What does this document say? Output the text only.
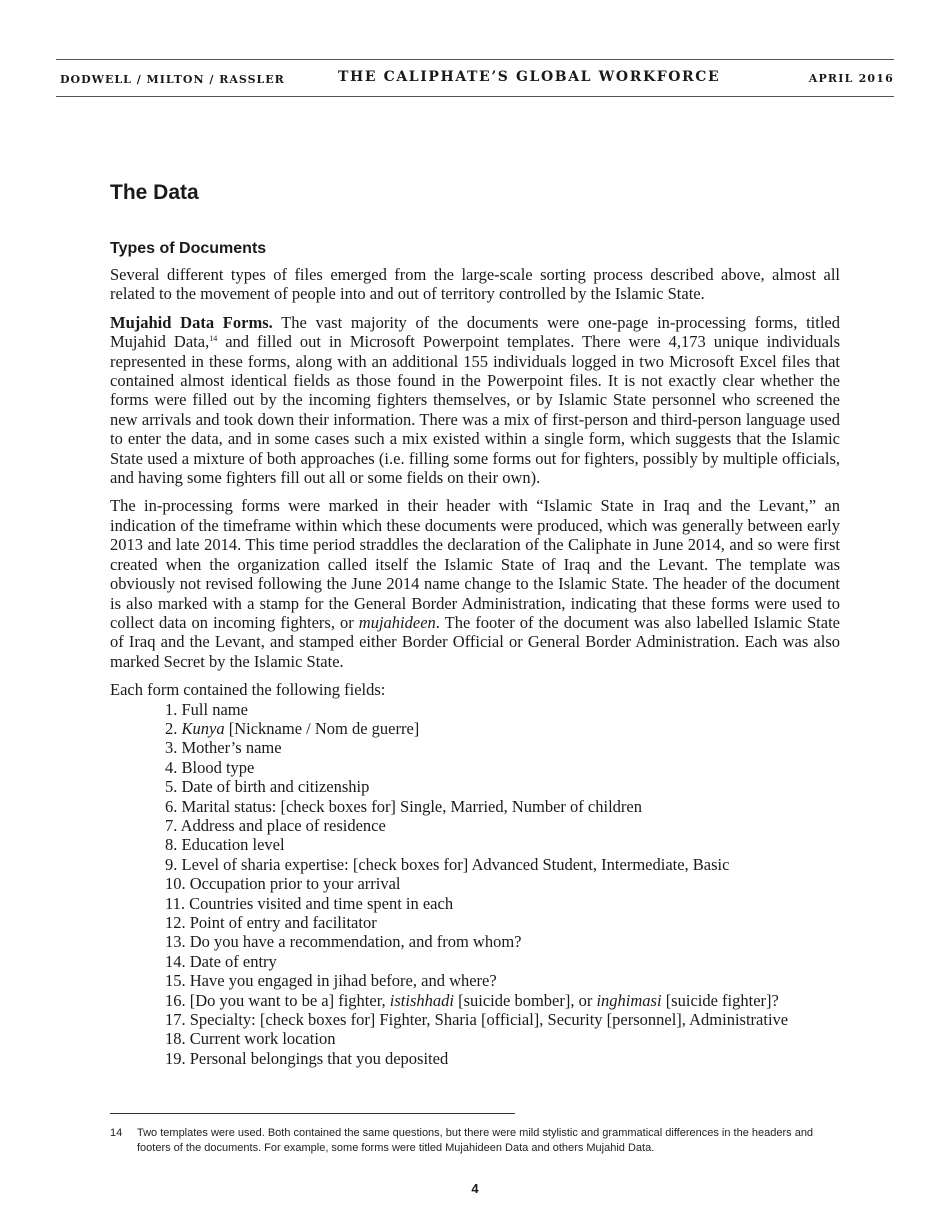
DODWELL / MILTON / RASSLER	THE CALIPHATE’S GLOBAL WORKFORCE	APRIL 2016
The Data
Types of Documents

Several different types of files emerged from the large-scale sorting process described above, almost all related to the movement of people into and out of territory controlled by the Islamic State.

Mujahid Data Forms. The vast majority of the documents were one-page in-processing forms, titled Mujahid Data,$^{14}$ and filled out in Microsoft Powerpoint templates. There were 4,173 unique individuals represented in these forms, along with an additional 155 individuals logged in two Microsoft Excel files that contained almost identical fields as those found in the Powerpoint files. It is not exactly clear whether the forms were filled out by the incoming fighters themselves, or by Islamic State personnel who screened the new arrivals and took down their information. There was a mix of first-person and third-person language used to enter the data, and in some cases such a mix existed within a single form, which suggests that the Islamic State used a mixture of both approaches (i.e. filling some forms out for fighters, possibly by multiple officials, and having some fighters fill out all or some fields on their own).

The in-processing forms were marked in their header with “Islamic State in Iraq and the Levant,” an indication of the timeframe within which these documents were produced, which was generally between early 2013 and late 2014. This time period straddles the declaration of the Caliphate in June 2014, and so were first created when the organization called itself the Islamic State of Iraq and the Levant. The template was obviously not revised following the June 2014 name change to the Islamic State. The header of the document is also marked with a stamp for the General Border Administration, indicating that these forms were used to collect data on incoming fighters, or mujahideen. The footer of the document was also labelled Islamic State of Iraq and the Levant, and stamped either Border Official or General Border Administration. Each was also marked Secret by the Islamic State.

Each form contained the following fields:
1. Full name
2. Kunya [Nickname / Nom de guerre]
3. Mother’s name
4. Blood type
5. Date of birth and citizenship
6. Marital status: [check boxes for] Single, Married, Number of children
7. Address and place of residence
8. Education level
9. Level of sharia expertise: [check boxes for] Advanced Student, Intermediate, Basic
10. Occupation prior to your arrival
11. Countries visited and time spent in each
12. Point of entry and facilitator
13. Do you have a recommendation, and from whom?
14. Date of entry
15. Have you engaged in jihad before, and where?
16. [Do you want to be a] fighter, istishhadi [suicide bomber], or inghimasi [suicide fighter]?
17. Specialty: [check boxes for] Fighter, Sharia [official], Security [personnel], Administrative
18. Current work location
19. Personal belongings that you deposited
14 Two templates were used. Both contained the same questions, but there were mild stylistic and grammatical differences in the headers and footers of the documents. For example, some forms were titled Mujahideen Data and others Mujahid Data.
4
